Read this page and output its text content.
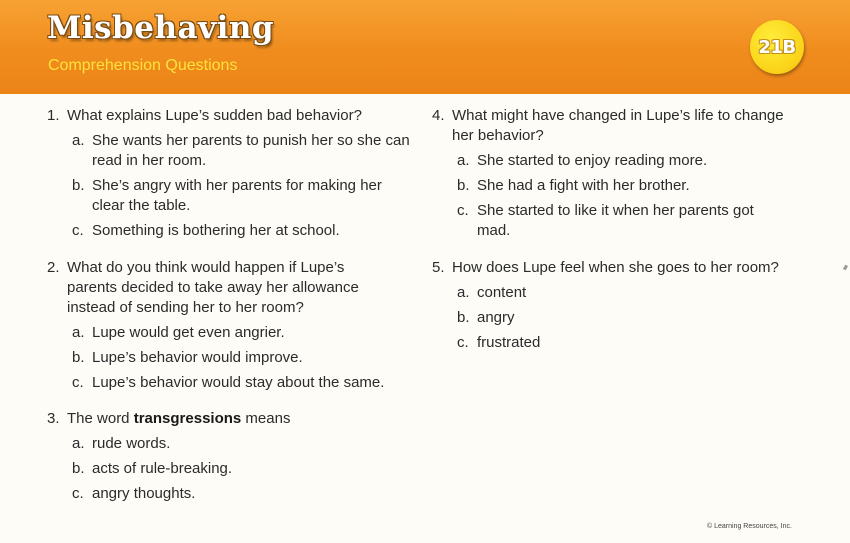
Misbehaving
Comprehension Questions
21B
1. What explains Lupe’s sudden bad behavior?
a. She wants her parents to punish her so she can read in her room.
b. She’s angry with her parents for making her clear the table.
c. Something is bothering her at school.
2. What do you think would happen if Lupe’s parents decided to take away her allowance instead of sending her to her room?
a. Lupe would get even angrier.
b. Lupe’s behavior would improve.
c. Lupe’s behavior would stay about the same.
3. The word transgressions means
a. rude words.
b. acts of rule-breaking.
c. angry thoughts.
4. What might have changed in Lupe’s life to change her behavior?
a. She started to enjoy reading more.
b. She had a fight with her brother.
c. She started to like it when her parents got mad.
5. How does Lupe feel when she goes to her room?
a. content
b. angry
c. frustrated
© Learning Resources, Inc.
